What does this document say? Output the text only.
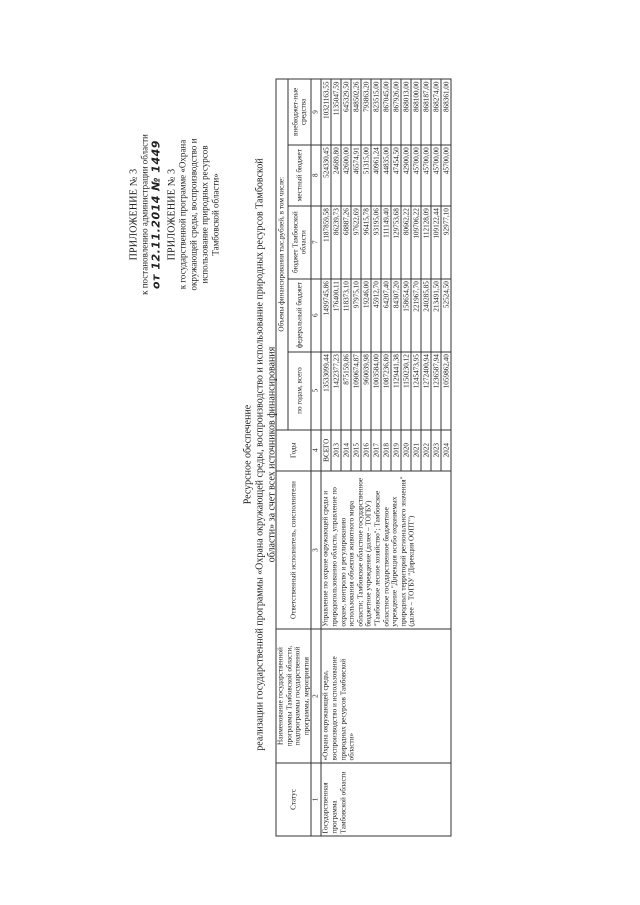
ПРИЛОЖЕНИЕ № 3 к постановлению администрации области от 12.11.2014 № 1449 ПРИЛОЖЕНИЕ № 3 к государственной программе «Охрана окружающей среды, воспроизводство и использование природных ресурсов Тамбовской области»
Ресурсное обеспечение реализации государственной программы «Охрана окружающей среды, воспроизводство и использование природных ресурсов Тамбовской области» за счет всех источников финансирования
Статус	Наименование государственной программы Тамбовской области, подпрограммы государственной программы, мероприятия	Ответственный исполнитель, соисполнители	Годы	Объемы финансирования тыс.рублей, в том числе:				
				по годам, всего	федеральный бюджет	бюджет Тамбовской области	местный бюджет	внебюджет-ные средства
1	2	3	4	5	6	7	8	9
Государственная программа Тамбовской области	«Охрана окружающей среды, воспроизводство и использование природных ресурсов Тамбовской области»	Управление по охране окружающей среды и природопользованию области, управление по охране, контролю и регулированию использования объектов животного мира области; Тамбовское областное государственное бюджетное учреждение (далее – ТОГБУ) "Тамбовское лесное хозяйство"; Тамбовское областное государственное бюджетное учреждение "Дирекция особо охраняемых природных территорий регионального значения" (далее – ТОГБУ "Дирекция ООПТ")	ВСЕГО	13533099,44	1499745,86	1187859,58	524330,45	10321163,55
			2013	1422377,23	176400,11	86239,73	24689,80	1135047,59
			2014	875159,86	118373,10	68887,26	42600,00	645329,50
			2015	1090674,87	97975,10	97622,69	46574,91	848502,26
			2016	960039,98	19246,00	96415,78	51315,00	793863,20
			2017	1003584,00	45912,70	93195,06	40961,24	823515,00
			2018	1087236,80	64207,40	111149,40	44835,00	867045,00
			2019	1129441,38	84307,20	129753,68	47454,50	867926,00
			2020	1150230,12	158654,90	80662,22	42900,00	868013,00
			2021	1245473,95	221967,70	109706,22	45700,00	868100,00
			2022	1272400,94	240285,85	112128,09	45700,00	868187,00
			2023	1236587,94	213491,50	109122,44	45700,00	868274,00
			2024	1059862,40	52524,50	92977,10	45700,00	868361,00
